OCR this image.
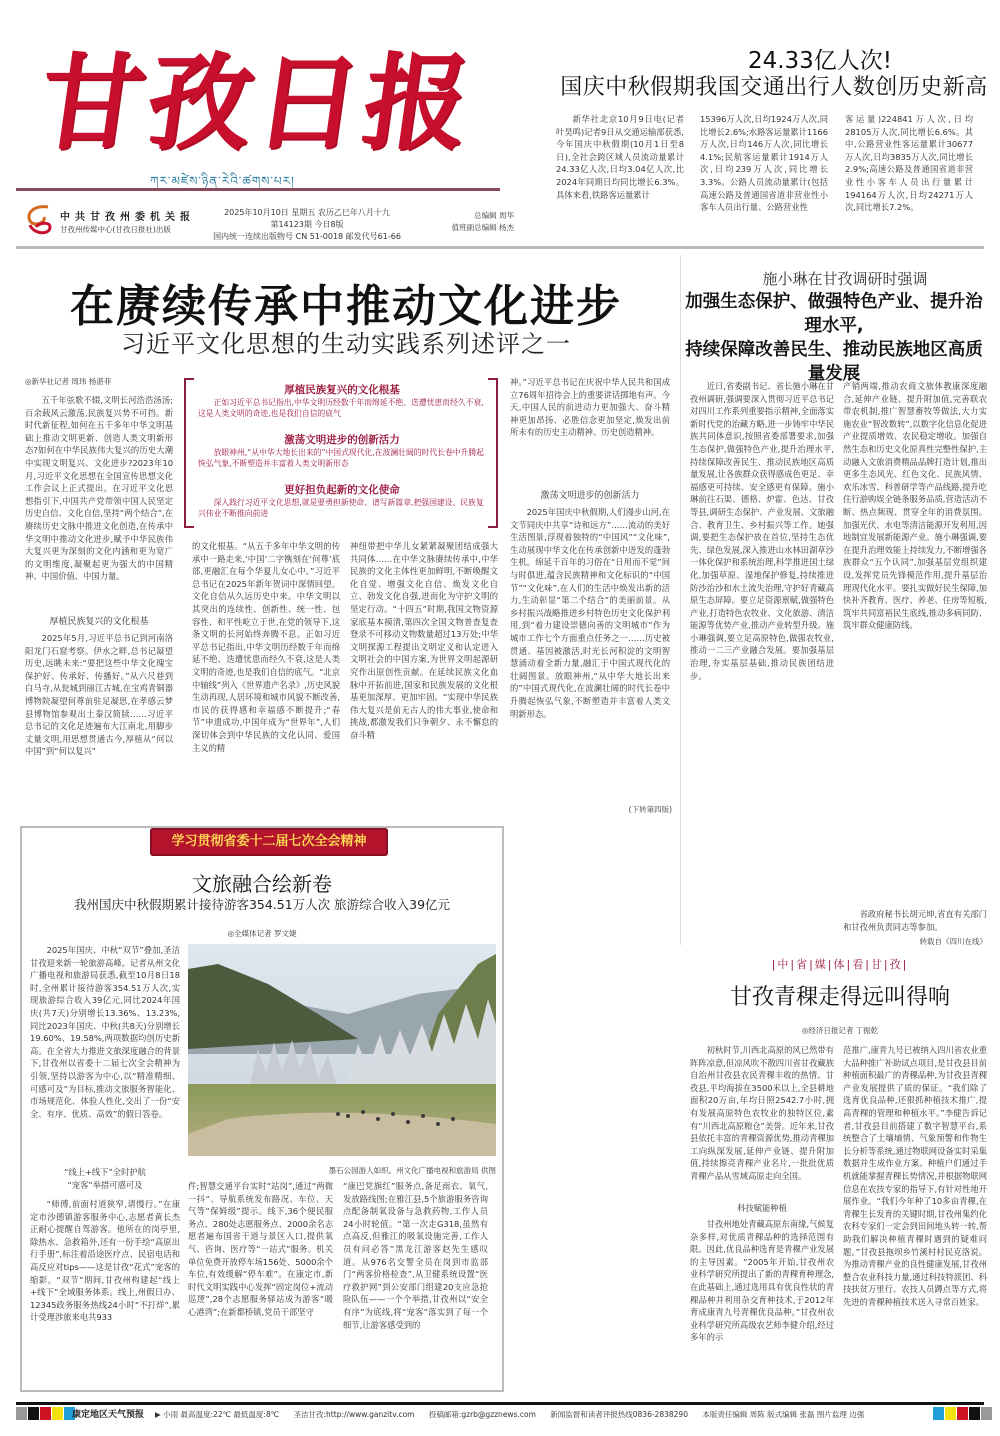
甘孜日报
ཀར་མཛེས་ཉིན་རེའི་ཚགས་པར།
中共甘孜州委机关报
甘孜州传媒中心(甘孜日报社)出版
2025年10月10日 星期五 农历乙巳年八月十九
第14123期 今日8版
国内统一连续出版物号 CN 51-0018 邮发代号61-66
总编辑 周华
值班副总编辑 杨杰
24.33亿人次!
国庆中秋假期我国交通出行人数创历史新高

新华社北京10月9日电(记者 叶昊鸣)记者9日从交通运输部获悉,今年国庆中秋假期(10月1日至8日),全社会跨区域人员流动量累计24.33亿人次,日均3.04亿人次,比2024年同期日均同比增长6.3%。具体来看,铁路客运量累计

15396万人次,日均1924万人次,同比增长2.6%;水路客运量累计1166万人次,日均146万人次,同比增长4.1%;民航客运量累计1914万人次,日均239万人次,同比增长3.3%。公路人员流动量累计(包括高速公路及普通国省道非营业性小客车人员出行量、公路营业性

客运量)224841万人次,日均28105万人次,同比增长6.6%。其中,公路营业性客运量累计30677万人次,日均3835万人次,同比增长2.9%;高速公路及普通国省道非营业性小客车人员出行量累计194164万人次,日均24271万人次,同比增长7.2%。

在赓续传承中推动文化进步
习近平文化思想的生动实践系列述评之一
◎新华社记者 周玮 杨湛菲

五千年弦歌不辍,文明长河浩浩汤汤;百余载风云激荡,民族复兴势不可挡。新时代新征程,如何在五千多年中华文明基础上推动文明更新、创造人类文明新形态?如何在中华民族伟大复兴的历史大潮中实现文明复兴、文化进步?2023年10月,习近平文化思想在全国宣传思想文化工作会议上正式提出。在习近平文化思想指引下,中国共产党带领中国人民坚定历史自信、文化自信,坚持“两个结合”,在赓续历史文脉中推进文化创造,在传承中华文明中推动文化进步,赋予中华民族伟大复兴更为深刻的文化内涵和更为宽广的文明维度,凝聚起更为强大的中国精神、中国价值、中国力量。

厚植民族复兴的文化根基

2025年5月,习近平总书记到河南洛阳龙门石窟考察。伊水之畔,总书记凝望历史,远眺未来:“要把这些中华文化瑰宝保护好、传承好、传播好。”从六尺巷到白马寺,从瓮城到丽江古城,在宝鸡青铜器博物院凝望何尊前驻足凝思,在孝感云梦县博物馆参观出土秦汉简牍……习近平总书记的文化足迹遍布大江南北,用脚步丈量文明,用思想贯通古今,厚植从“何以中国”到“何以复兴”

厚植民族复兴的文化根基
正如习近平总书记指出,中华文明历经数千年而绵延不绝、迭遭忧患而经久不衰,这是人类文明的奇迹,也是我们自信的底气
激荡文明进步的创新活力
放眼神州,“从中华大地长出来的”中国式现代化,在波澜壮阔的时代长卷中升腾起恢弘气象,不断塑造并丰富着人类文明新形态
更好担负起新的文化使命
深入践行习近平文化思想,就是要勇担新使命、谱写新篇章,把强国建设、民族复兴伟业不断推向前进

的文化根基。“从五千多年中华文明的传承中一路走来,‘中国’二字镌刻在‘何尊’底部,更融汇在每个华夏儿女心中。”习近平总书记在2025年新年贺词中深情回望。文化自信从久远历史中来。中华文明以其突出的连续性、创新性、统一性、包容性、和平性屹立于世,在党的领导下,这条文明的长河始终奔腾不息。正如习近平总书记指出,中华文明历经数千年而绵延不绝、迭遭忧患而经久不衰,这是人类文明的奇迹,也是我们自信的底气。“北京中轴线”列入《世界遗产名录》,历史风貌生动再现,人居环境和城市风貌不断改善,市民的获得感和幸福感不断提升;“春节”申遗成功,中国年成为“世界年”,人们深切体会到中华民族的文化认同、爱国主义的精

神纽带把中华儿女紧紧凝聚团结成强大共同体……在中华文脉赓续传承中,中华民族的文化主体性更加鲜明,不断唤醒文化自觉、增强文化自信、焕发文化自立、勃发文化自强,进而化为守护文明的坚定行动。“十四五”时期,我国文物资源家底基本摸清,第四次全国文物普查复查登录不可移动文物数量超过13万处;中华文明探源工程提出文明定义和认定进入文明社会的中国方案,为世界文明起源研究作出原创性贡献。在延续民族文化血脉中开拓前进,国家和民族发展的文化根基更加深厚、更加牢固。“实现中华民族伟大复兴是前无古人的伟大事业,使命和挑战,都激发我们只争朝夕、永不懈怠的奋斗精

神。”习近平总书记在庆祝中华人民共和国成立76周年招待会上的重要讲话掷地有声。今天,中国人民的前进动力更加强大、奋斗精神更加昂扬、必胜信念更加坚定,焕发出前所未有的历史主动精神、历史创造精神。

激荡文明进步的创新活力

2025年国庆中秋假期,人们漫步山河,在文节同庆中共享“诗和远方”……流动的美好生活图景,浮现着独特的“中国风”“文化味”,生动展现中华文化在传承创新中迸发的蓬勃生机。绵延千百年的习俗在“日用而不觉”间与时俱进,蕴含民族精神和文化标识的“中国节”“文化味”,在人们的生活中焕发出新的活力,生动彰显“第二个结合”的美丽前景。从乡村振兴战略推进乡村特色历史文化保护利用,到“着力建设崇德向善的文明城市”作为城市工作七个方面重点任务之一……历史被贯通、基因被激活,时光长河积淀的文明智慧涌动着全新力量,融汇于中国式现代化的壮阔图景。放眼神州,“从中华大地长出来的”中国式现代化,在波澜壮阔的时代长卷中升腾起恢弘气象,不断塑造并丰富着人类文明新形态。

(下转第四版)
施小琳在甘孜调研时强调
加强生态保护、做强特色产业、提升治理水平,
持续保障改善民生、推动民族地区高质量发展

近日,省委副书记、省长施小琳在甘孜州调研,强调要深入贯彻习近平总书记对四川工作系列重要指示精神,全面落实新时代党的治藏方略,进一步铸牢中华民族共同体意识,按照省委部署要求,加强生态保护,做强特色产业,提升治理水平,持续保障改善民生、推动民族地区高质量发展,让各族群众获得感成色更足、幸福感更可持续、安全感更有保障。施小琳前往石渠、德格、炉霍、色达、甘孜等县,调研生态保护、产业发展、文旅融合、教育卫生、乡村振兴等工作。她强调,要把生态保护放在首位,坚持生态优先、绿色发展,深入推进山水林田湖草沙一体化保护和系统治理,科学推进国土绿化,加强草原、湿地保护修复,持续推进防沙治沙和水土流失治理,守护好青藏高原生态屏障。要立足资源禀赋,做强特色产业,打造特色农牧业、文化旅游、清洁能源等优势产业,推动产业转型升级。施小琳强调,要立足高原特色,做强农牧业,推动一二三产业融合发展。要加强基层治理,夯实基层基础,推动民族团结进步。

产销两端,推动农商文旅体教康深度融合,延伸产业链、提升附加值,完善联农带农机制,推广智慧畜牧等做法,大力实施农业“智改数转”,以数字化信息化促进产业提质增效、农民稳定增收。加强自然生态和历史文化原真性完整性保护,主动融入文旅消费精品品牌打造计划,推出更多生态风光、红色文化、民族风情、欢乐冰雪、科普研学等产品线路,提升吃住行游购娱全链条服务品质,营造活动不断、热点频现、贯穿全年的消费氛围。加强光伏、水电等清洁能源开发利用,因地制宜发展新能源产业。施小琳强调,要在提升治理效能上持续发力,不断增强各族群众“五个认同”,加强基层党组织建设,发挥党员先锋模范作用,提升基层治理现代化水平。要扎实做好民生保障,加快补齐教育、医疗、养老、住房等短板,筑牢共同富裕民生底线,推动多病同防、筑牢群众健康防线。

省政府秘书长胡元坤,省直有关部门和甘孜州负责同志等参加。

转载自《四川在线》
学习贯彻省委十二届七次全会精神
文旅融合绘新卷
我州国庆中秋假期累计接待游客354.51万人次 旅游综合收入39亿元
◎全媒体记者 罗文婕

2025年国庆、中秋“双节”叠加,圣洁甘孜迎来新一轮旅游高峰。记者从州文化广播电视和旅游局获悉,截至10月8日18时,全州累计接待游客354.51万人次,实现旅游综合收入39亿元,同比2024年国庆(共7天)分别增长13.36%、13.23%,同比2023年国庆、中秋(共8天)分别增长19.60%、19.58%,两项数据均创历史新高。在全省大力推进文旅深度融合的背景下,甘孜州以省委十二届七次全会精神为引领,坚持以游客为中心,以“精准精细、可感可及”为目标,推动文旅服务智能化、市场规范化、体验人性化,交出了一份“安全、有序、优质、高效”的假日答卷。

“线上+线下”全时护航
“宠客”举措可感可及

“师傅,前面村道狭窄,请慢行。”在康定市沙德镇游客服务中心,志愿者黄长杰正耐心提醒自驾游客。他所在的岗亭里,除热水、急救箱外,还有一份手绘“高原出行手册”,标注着沿途医疗点、民宿电话和高反应对tips——这是甘孜“花式”宠客的缩影。“双节”期间,甘孜州构建起“线上+线下”全域服务体系。线上,州假日办、12345政务服务热线24小时“不打烊”,累计受理涉旅来电共933

墨石公园游人如织。州文化广播电视和旅游局 供图

件;智慧交通平台实时“站岗”,通过“两微一抖”、导航系统发布路况、车位、天气等“保姆级”提示。线下,36个便民服务点、280处志愿服务点、2000余名志愿者遍布国省干道与景区入口,提供氧气、咨询、医疗等“一站式”服务。机关单位免费开放停车场156处、5000余个车位,有效缓解“停车难”。在康定市,新时代文明实践中心发挥“固定岗位+流动巡逻”,28个志愿服务驿站成为游客“暖心港湾”;在新都桥镇,党员干部坚守

“康巴党旗红”服务点,备足雨衣、氧气,发放路线图;在雅江县,5个旅游服务咨询点配备制氧设备与急救药物,工作人员24小时轮值。“第一次走G318,虽然有点高反,但雅江的吸氧设施完善,工作人员有问必答”黑龙江游客赵先生感叹道。从976名交警全员在岗到市监部门“两客价格检查”,从卫健系统设置“医疗救护网”到公安部门组建20支应急抢险队伍——一个个举措,甘孜州以“安全有序”为底线,将“宠客”落实到了每一个细节,让游客感受到的

|中|省|媒|体|看|甘|孜|
甘孜青稞走得远叫得响
◎经济日报记者 丁振乾

初秋时节,川西北高原的风已然带有阵阵凉意,但凉风吹不散四川省甘孜藏族自治州甘孜县农民青稞丰收的热情。甘孜县,平均海拔在3500米以上,全县耕地面积20万亩,年均日照2542.7小时,拥有发展高原特色农牧业的独特区位,素有“川西北高原粮仓”美誉。近年来,甘孜县依托丰富的青稞资源优势,推动青稞加工向纵深发展,延伸产业链、提升附加值,持续擦亮青稞产业名片,一批批优质青稞产品从雪域高原走向全国。

科技赋能种植

甘孜州地处青藏高原东南缘,气候复杂多样,对优质青稞品种的选择范围有限。因此,优良品种选育是青稞产业发展的主导因素。“2005年开始,甘孜州农业科学研究所提出了新的青稞育种理念,在此基础上,通过选用具有优良性状的青稞品种并利用杂交育种技术,于2012年育成康青九号青稞优良品种。”甘孜州农业科学研究所高级农艺师李健介绍,经过多年的示

范推广,康青九号已被纳入四川省农业重大品种推广补助试点项目,是甘孜县目前种植面积最广的青稞品种,为甘孜县青稞产业发展提供了质的保证。“我们除了选育优良品种,还狠抓种植技术推广,提高青稞的管理和种植水平。”李健告诉记者,甘孜县目前搭建了数字智慧平台,系统整合了土壤墒情、气象预警和作物生长分析等系统,通过物联网设备实时采集数据并生成作业方案。种植户们通过手机就能掌握青稞长势情况,并根据物联网信息在农技专家的指导下,有针对性地开展作业。“我们今年种了10多亩青稞,在青稞生长发育的关键时期,甘孜州集约化农科专家们一定会到田间地头转一转,帮助我们解决种植青稞时遇到的疑难问题。”甘孜县拖坝乡竹溪村村民克洛说。为推动青稞产业的良性健康发展,甘孜州整合农业科技力量,通过科技特派团、科技扶贫万里行、农技人员蹲点等方式,将先进的青稞种植技术送入寻常百姓家。

康定地区天气预报 ▶ 小雨 最高温度:22℃ 最低温度:8℃ 圣洁甘孜:http://www.ganzitv.com 投稿邮箱:gzrb@gzznews.com 新闻监督和读者评报热线0836-2838290 本版责任编辑 周陈 版式编辑 张磊 图片监理 边强
